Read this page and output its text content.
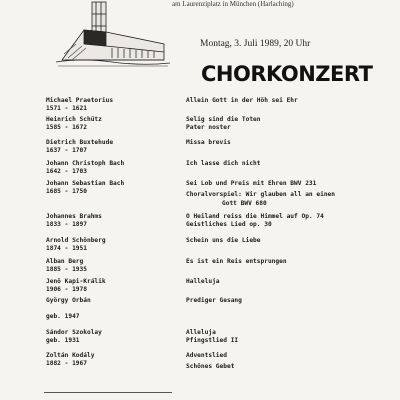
am Laurenziplatz in München (Harlaching)
Montag, 3. Juli 1989, 20 Uhr
CHORKONZERT
Michael Praetorius
1571 - 1621
Allein Gott in der Höh sei Ehr
Heinrich Schütz
1585 - 1672
Selig sind die Toten
Pater noster
Dietrich Buxtehude
1637 - 1707
Missa brevis
Johann Christoph Bach
1642 - 1703
Ich lasse dich nicht
Johann Sebastian Bach
1685 - 1750
Sei Lob und Preis mit Ehren BWV 231
Choralvorspiel: Wir glauben all an einen
Gott BWV 680
Johannes Brahms
1833 - 1897
O Heiland reiss die Himmel auf Op. 74
Geistliches Lied op. 30
Arnold Schönberg
1874 - 1951
Schein uns die Liebe
Alban Berg
1885 - 1935
Es ist ein Reis entsprungen
Jenö Kapi-Králik
1906 - 1978
Halleluja
György Orbán
geb. 1947
Prediger Gesang
Sándor Szokolay
geb. 1931
Alleluja
Pfingstlied II
Zoltán Kodály
1882 - 1967
Adventslied
Schönes Gebet
